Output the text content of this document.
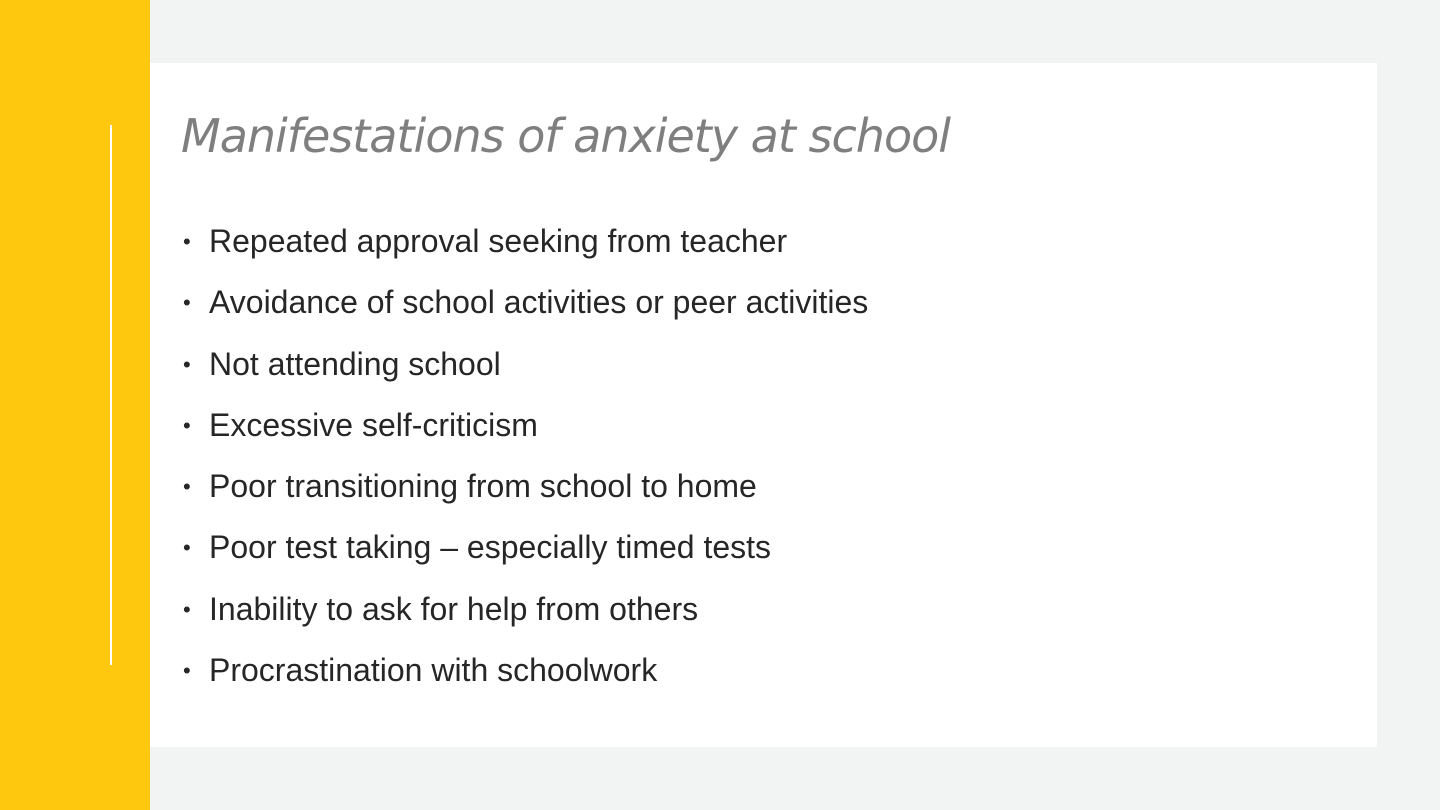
Manifestations of anxiety at school
• Repeated approval seeking from teacher
• Avoidance of school activities or peer activities
• Not attending school
• Excessive self-criticism
• Poor transitioning from school to home
• Poor test taking – especially timed tests
• Inability to ask for help from others
• Procrastination with schoolwork
